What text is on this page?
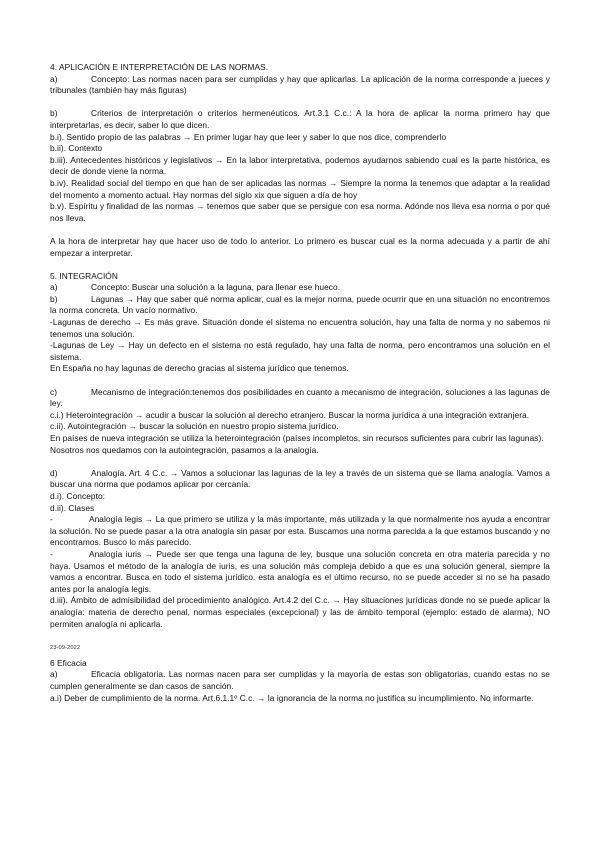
4. APLICACIÓN E INTERPRETACIÓN DE LAS NORMAS.

a)	Concepto: Las normas nacen para ser cumplidas y hay que aplicarlas. La aplicación de la norma corresponde a jueces y tribunales (también hay más figuras)

b)	Criterios de interpretación o criterios hermenéuticos. Art.3.1 C.c.: A la hora de aplicar la norma primero hay que interpretarlas, es decir, saber lo que dicen.

b.i). Sentido propio de las palabras → En primer lugar hay que leer y saber lo que nos dice, comprenderlo

b.ii). Contexto

b.iii). Antecedentes históricos y legislativos → En la labor interpretativa, podemos ayudarnos sabiendo cual es la parte histórica, es decir de donde viene la norma.

b.iv). Realidad social del tiempo en que han de ser aplicadas las normas → Siempre la norma la tenemos que adaptar a la realidad del momento a momento actual. Hay normas del siglo xix que siguen a día de hoy

b.v). Espíritu y finalidad de las normas → tenemos que saber que se persigue con esa norma. Adónde nos lleva esa norma o por qué nos lleva.

A la hora de interpretar hay que hacer uso de todo lo anterior. Lo primero es buscar cual es la norma adecuada y a partir de ahí empezar a interpretar.

5. INTEGRACIÓN

a)	Concepto: Buscar una solución a la laguna, para llenar ese hueco.

b)	Lagunas → Hay que saber qué norma aplicar, cual es la mejor norma, puede ocurrir que en una situación no encontremos la norma concreta. Un vacío normativo.

-Lagunas de derecho → Es más grave. Situación donde el sistema no encuentra solución, hay una falta de norma y no sabemos ni tenemos una solución.

-Lagunas de Ley → Hay un defecto en el sistema no está regulado, hay una falta de norma, pero encontramos una solución en el sistema.

En España no hay lagunas de derecho gracias al sistema jurídico que tenemos.

c)	Mecanismo de integración:tenemos dos posibilidades en cuanto a mecanismo de integración, soluciones a las lagunas de ley.

c.i.) Heterointegración → acudir a buscar la solución al derecho etranjero. Buscar la norma jurídica a una integración extranjera.

c.ii). Autointegración → buscar la solución en nuestro propio sistema jurídico.

En países de nueva integración se utiliza la heterointegración (países incompletos, sin recursos suficientes para cubrir las lagunas).

Nosotros nos quedamos con la autointegración, pasamos a la analogía.

d)	Analogía. Art. 4 C.c. → Vamos a solucionar las lagunas de la ley a través de un sistema que se llama analogía. Vamos a buscar una norma que podamos aplicar por cercanía.

d.i). Concepto:

d.ii). Clases

-	Analogía legis → La que primero se utiliza y la más importante, más utilizada y la que normalmente nos ayuda a encontrar la solución. No se puede pasar a la otra analogía sin pasar por esta. Buscamos una norma parecida a la que estamos buscando y no encontramos. Busco lo más parecido.

-	Analogía iuris → Puede ser que tenga una laguna de ley, busque una solución concreta en otra materia parecida y no haya. Usamos el método de la analogía de iuris, es una solución más compleja debido a que es una solución general, siempre la vamos a encontrar. Busca en todo el sistema jurídico. esta analogía es el último recurso, no se puede acceder si no se ha pasado antes por la analogía legis.

d.iii). Ámbito de admisibilidad del procedimiento analógico. Art.4.2 del C.c. → Hay situaciones jurídicas donde no se puede aplicar la analogía: materia de derecho penal, normas especiales (excepcional) y las de ámbito temporal (ejemplo: estado de alarma), NO permiten analogía ni aplicarla.

23-09-2022

6 Eficacia

a)	Eficacia obligatoria. Las normas nacen para ser cumplidas y la mayoría de estas son obligatorias, cuando estas no se cumplen generalmente se dan casos de sanción.

a.i) Deber de cumplimiento de la norma. Art.6.1.1º C.c. → la ignorancia de la norma no justifica su incumplimiento. No informarte.
